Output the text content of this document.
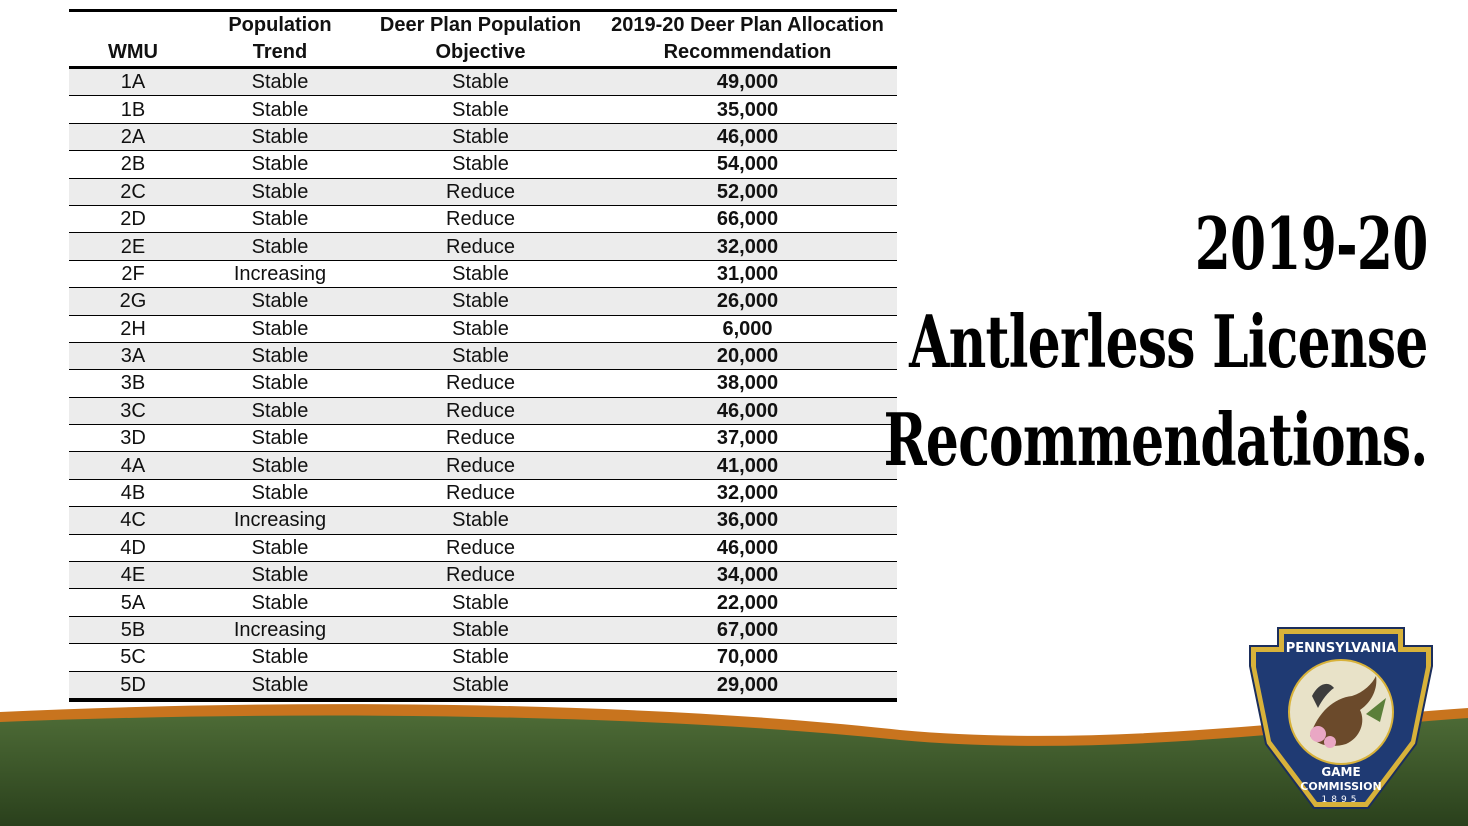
	Population	Deer Plan Population	2019-20 Deer Plan Allocation
WMU	Trend	Objective	Recommendation
1A	Stable	Stable	49,000
1B	Stable	Stable	35,000
2A	Stable	Stable	46,000
2B	Stable	Stable	54,000
2C	Stable	Reduce	52,000
2D	Stable	Reduce	66,000
2E	Stable	Reduce	32,000
2F	Increasing	Stable	31,000
2G	Stable	Stable	26,000
2H	Stable	Stable	6,000
3A	Stable	Stable	20,000
3B	Stable	Reduce	38,000
3C	Stable	Reduce	46,000
3D	Stable	Reduce	37,000
4A	Stable	Reduce	41,000
4B	Stable	Reduce	32,000
4C	Increasing	Stable	36,000
4D	Stable	Reduce	46,000
4E	Stable	Reduce	34,000
5A	Stable	Stable	22,000
5B	Increasing	Stable	67,000
5C	Stable	Stable	70,000
5D	Stable	Stable	29,000
2019-20
Antlerless License
Recommendations.
PENNSYLVANIA
GAME
COMMISSION
1895
